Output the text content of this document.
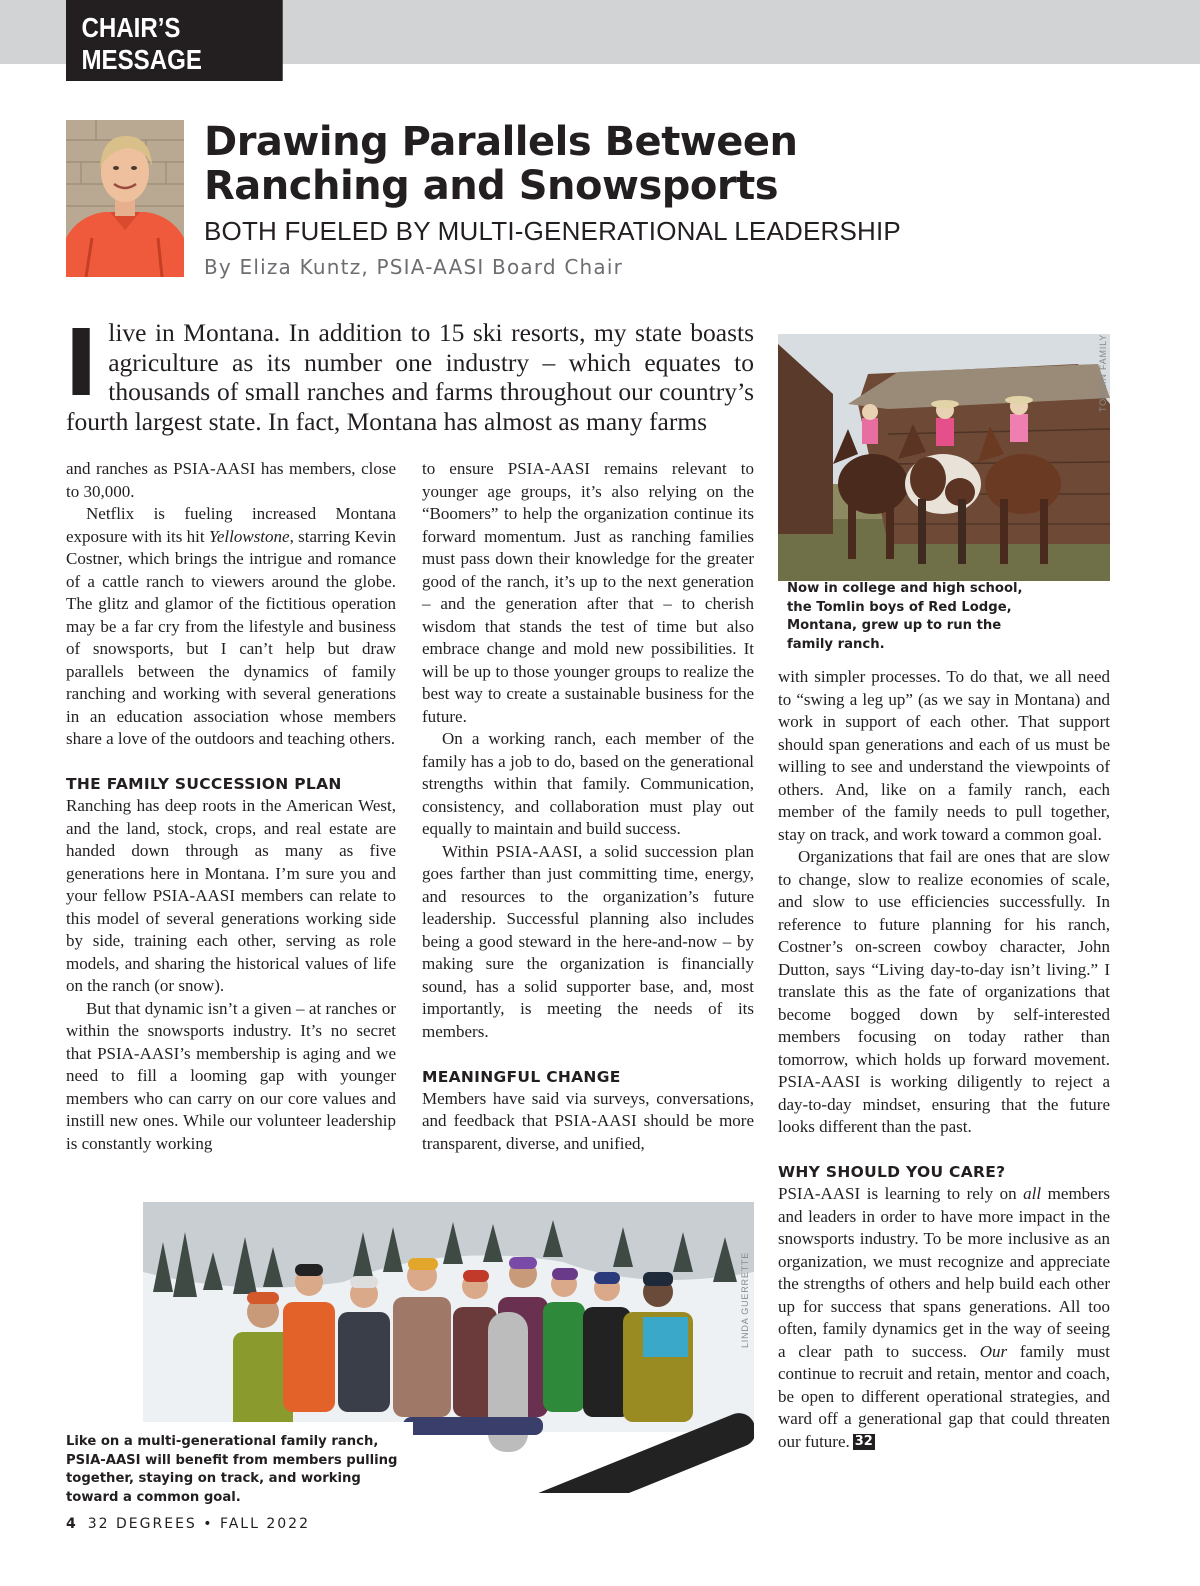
CHAIR’S MESSAGE
Drawing Parallels Between
Ranching and Snowsports
BOTH FUELED BY MULTI-GENERATIONAL LEADERSHIP
By Eliza Kuntz, PSIA-AASI Board Chair
Ilive in Montana. In addition to 15 ski resorts, my state boasts agriculture as its number one industry – which equates to thousands of small ranches and farms throughout our country’s fourth largest state. In fact, Montana has almost as many farms

and ranches as PSIA-AASI has members, close to 30,000.

Netflix is fueling increased Montana exposure with its hit Yellowstone, starring Kevin Costner, which brings the intrigue and romance of a cattle ranch to viewers around the globe. The glitz and glamor of the fictitious operation may be a far cry from the lifestyle and business of snowsports, but I can’t help but draw parallels between the dynamics of family ranching and working with several generations in an education association whose members share a love of the outdoors and teaching others.

THE FAMILY SUCCESSION PLAN

Ranching has deep roots in the American West, and the land, stock, crops, and real estate are handed down through as many as five generations here in Montana. I’m sure you and your fellow PSIA-AASI members can relate to this model of several generations working side by side, training each other, serving as role models, and sharing the historical values of life on the ranch (or snow).

But that dynamic isn’t a given – at ranches or within the snowsports industry. It’s no secret that PSIA-AASI’s membership is aging and we need to fill a looming gap with younger members who can carry on our core values and instill new ones. While our volunteer leadership is constantly working

to ensure PSIA-AASI remains relevant to younger age groups, it’s also relying on the “Boomers” to help the organization continue its forward momentum. Just as ranching families must pass down their knowledge for the greater good of the ranch, it’s up to the next generation – and the generation after that – to cherish wisdom that stands the test of time but also embrace change and mold new possibilities. It will be up to those younger groups to realize the best way to create a sustainable business for the future.

On a working ranch, each member of the family has a job to do, based on the generational strengths within that family. Communication, consistency, and collaboration must play out equally to maintain and build success.

Within PSIA-AASI, a solid succession plan goes farther than just committing time, energy, and resources to the organization’s future leadership. Successful planning also includes being a good steward in the here-and-now – by making sure the organization is financially sound, has a solid supporter base, and, most importantly, is meeting the needs of its members.

MEANINGFUL CHANGE

Members have said via surveys, conversations, and feedback that PSIA-AASI should be more transparent, diverse, and unified,

TOMLIN FAMILY
Now in college and high school, the Tomlin boys of Red Lodge, Montana, grew up to run the family ranch.

with simpler processes. To do that, we all need to “swing a leg up” (as we say in Montana) and work in support of each other. That support should span generations and each of us must be willing to see and understand the viewpoints of others. And, like on a family ranch, each member of the family needs to pull together, stay on track, and work toward a common goal.

Organizations that fail are ones that are slow to change, slow to realize economies of scale, and slow to use efficiencies successfully. In reference to future planning for his ranch, Costner’s on-screen cowboy character, John Dutton, says “Living day-to-day isn’t living.” I translate this as the fate of organizations that become bogged down by self-interested members focusing on today rather than tomorrow, which holds up forward movement. PSIA-AASI is working diligently to reject a day-to-day mindset, ensuring that the future looks different than the past.

WHY SHOULD YOU CARE?

PSIA-AASI is learning to rely on all members and leaders in order to have more impact in the snowsports industry. To be more inclusive as an organization, we must recognize and appreciate the strengths of others and help build each other up for success that spans generations. All too often, family dynamics get in the way of seeing a clear path to success. Our family must continue to recruit and retain, mentor and coach, be open to different operational strategies, and ward off a generational gap that could threaten our future. 32

LINDA GUERRETTE
Like on a multi-generational family ranch, PSIA-AASI will benefit from members pulling together, staying on track, and working toward a common goal.
4 32 DEGREES • FALL 2022
